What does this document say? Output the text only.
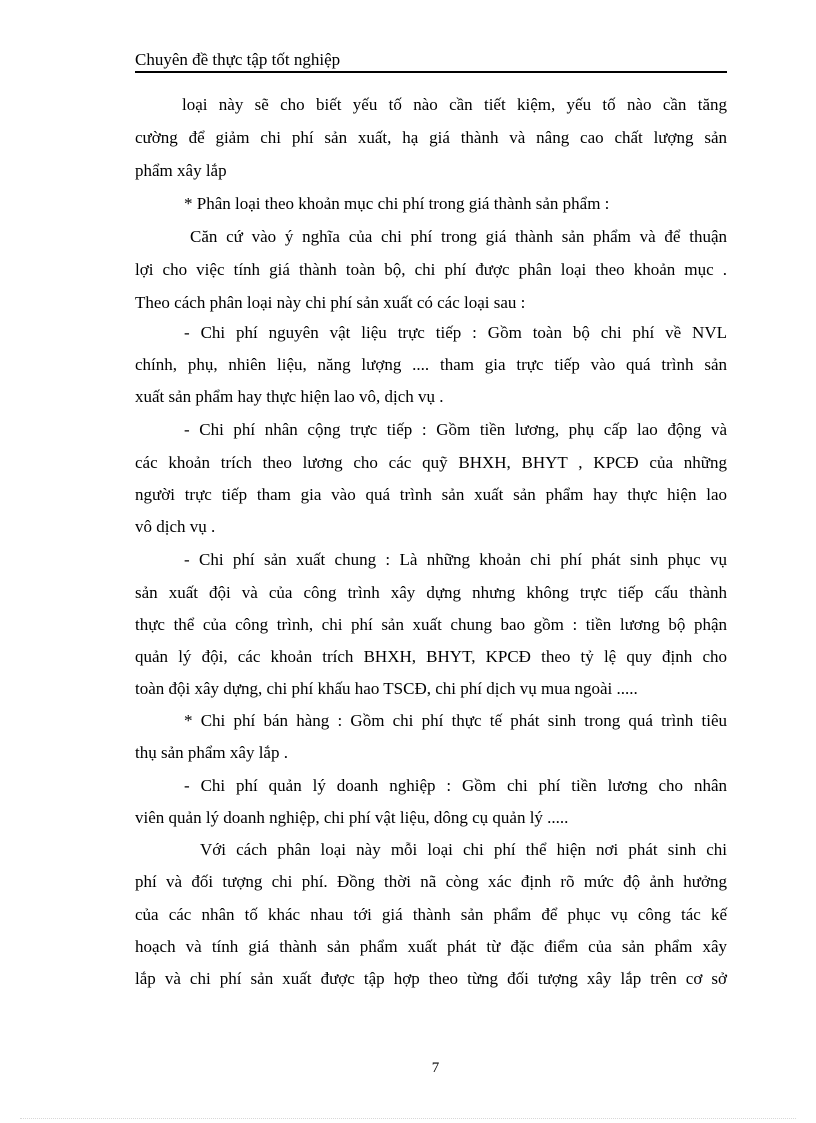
Chuyên đề thực tập tốt nghiệp
loại này sẽ cho biết yếu tố nào cần tiết kiệm, yếu tố nào cần tăng
cường để giảm chi phí sản xuất, hạ giá thành và nâng cao chất lượng sản
phẩm xây lắp
* Phân loại theo khoản mục chi phí trong giá thành sản phẩm :
Căn cứ vào ý nghĩa của chi phí trong giá thành sản phẩm và để thuận
lợi cho việc tính giá thành toàn bộ, chi phí được phân loại theo khoản mục .
Theo cách phân loại này chi phí sản xuất có các loại sau :
- Chi phí nguyên vật liệu trực tiếp : Gồm toàn bộ chi phí về NVL
chính, phụ, nhiên liệu, năng lượng .... tham gia trực tiếp vào quá trình sản
xuất sản phẩm hay thực hiện lao vô, dịch vụ .
- Chi phí nhân cộng trực tiếp : Gồm tiền lương, phụ cấp lao động và
các khoản trích theo lương cho các quỹ BHXH, BHYT , KPCĐ của những
người trực tiếp tham gia vào quá trình sản xuất sản phẩm hay thực hiện lao
vô dịch vụ .
- Chi phí sản xuất chung : Là những khoản chi phí phát sinh phục vụ
sản xuất đội và của công trình xây dựng nhưng không trực tiếp cấu thành
thực thể của công trình, chi phí sản xuất chung bao gồm : tiền lương bộ phận
quản lý đội, các khoản trích BHXH, BHYT, KPCĐ theo tỷ lệ quy định cho
toàn đội xây dựng, chi phí khấu hao TSCĐ, chi phí dịch vụ mua ngoài .....
* Chi phí bán hàng : Gồm chi phí thực tế phát sinh trong quá trình tiêu
thụ sản phẩm xây lắp .
- Chi phí quản lý doanh nghiệp : Gồm chi phí tiền lương cho nhân
viên quản lý doanh nghiệp, chi phí vật liệu, dông cụ quản lý .....
Với cách phân loại này mỗi loại chi phí thể hiện nơi phát sinh chi
phí và đối tượng chi phí. Đồng thời nã còng xác định rõ mức độ ảnh hưởng
của các nhân tố khác nhau tới giá thành sản phẩm để phục vụ công tác kế
hoạch và tính giá thành sản phẩm xuất phát từ đặc điểm của sản phẩm xây
lắp và chi phí sản xuất được tập hợp theo từng đối tượng xây lắp trên cơ sở
7
